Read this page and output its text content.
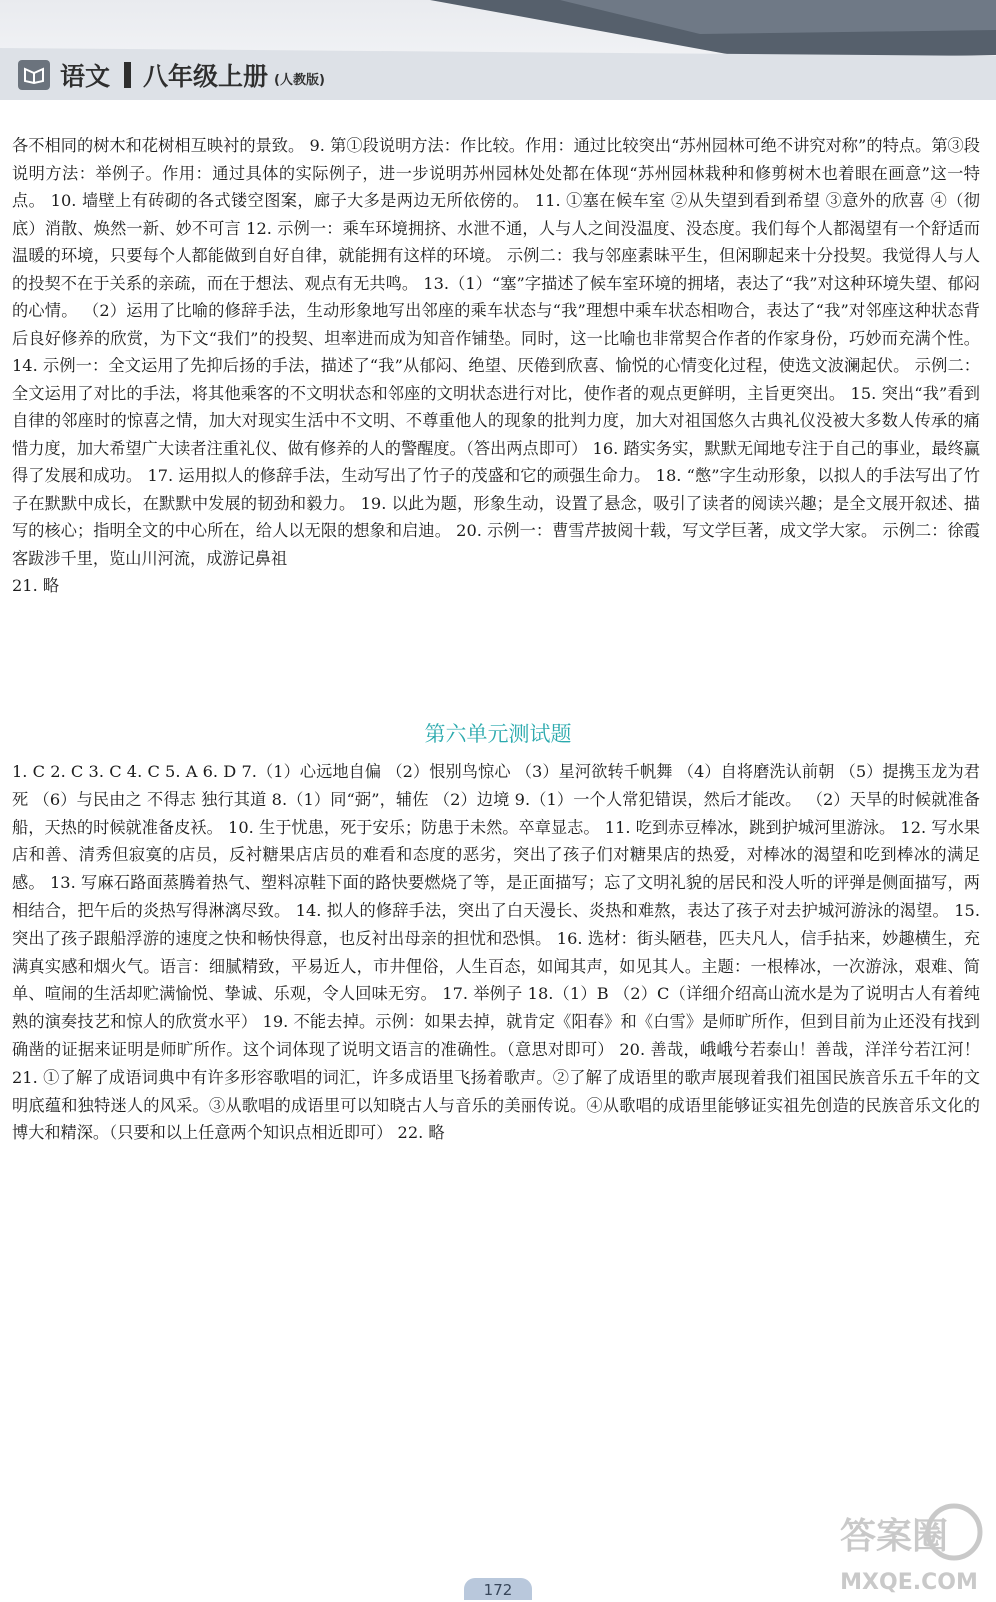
语文 八年级上册 (人教版)

各不相同的树木和花树相互映衬的景致。 9. 第①段说明方法：作比较。作用：通过比较突出“苏州园林可绝不讲究对称”的特点。第③段说明方法：举例子。作用：通过具体的实际例子，进一步说明苏州园林处处都在体现“苏州园林栽种和修剪树木也着眼在画意”这一特点。 10. 墙壁上有砖砌的各式镂空图案，廊子大多是两边无所依傍的。 11. ①塞在候车室 ②从失望到看到希望 ③意外的欣喜 ④（彻底）消散、焕然一新、妙不可言 12. 示例一：乘车环境拥挤、水泄不通，人与人之间没温度、没态度。我们每个人都渴望有一个舒适而温暖的环境，只要每个人都能做到自好自律，就能拥有这样的环境。 示例二：我与邻座素昧平生，但闲聊起来十分投契。我觉得人与人的投契不在于关系的亲疏，而在于想法、观点有无共鸣。 13.（1）“塞”字描述了候车室环境的拥堵，表达了“我”对这种环境失望、郁闷的心情。 （2）运用了比喻的修辞手法，生动形象地写出邻座的乘车状态与“我”理想中乘车状态相吻合，表达了“我”对邻座这种状态背后良好修养的欣赏，为下文“我们”的投契、坦率进而成为知音作铺垫。同时，这一比喻也非常契合作者的作家身份，巧妙而充满个性。 14. 示例一：全文运用了先抑后扬的手法，描述了“我”从郁闷、绝望、厌倦到欣喜、愉悦的心情变化过程，使选文波澜起伏。 示例二：全文运用了对比的手法，将其他乘客的不文明状态和邻座的文明状态进行对比，使作者的观点更鲜明，主旨更突出。 15. 突出“我”看到自律的邻座时的惊喜之情，加大对现实生活中不文明、不尊重他人的现象的批判力度，加大对祖国悠久古典礼仪没被大多数人传承的痛惜力度，加大希望广大读者注重礼仪、做有修养的人的警醒度。（答出两点即可） 16. 踏实务实，默默无闻地专注于自己的事业，最终赢得了发展和成功。 17. 运用拟人的修辞手法，生动写出了竹子的茂盛和它的顽强生命力。 18. “憋”字生动形象，以拟人的手法写出了竹子在默默中成长，在默默中发展的韧劲和毅力。 19. 以此为题，形象生动，设置了悬念，吸引了读者的阅读兴趣；是全文展开叙述、描写的核心；指明全文的中心所在，给人以无限的想象和启迪。 20. 示例一：曹雪芹披阅十载，写文学巨著，成文学大家。 示例二：徐霞客跋涉千里，览山川河流，成游记鼻祖

21. 略

第六单元测试题

1. C 2. C 3. C 4. C 5. A 6. D 7.（1）心远地自偏 （2）恨别鸟惊心 （3）星河欲转千帆舞 （4）自将磨洗认前朝 （5）提携玉龙为君死 （6）与民由之 不得志 独行其道 8.（1）同“弼”，辅佐 （2）边境 9.（1）一个人常犯错误，然后才能改。 （2）天旱的时候就准备船，天热的时候就准备皮袄。 10. 生于忧患，死于安乐；防患于未然。卒章显志。 11. 吃到赤豆棒冰，跳到护城河里游泳。 12. 写水果店和善、清秀但寂寞的店员，反衬糖果店店员的难看和态度的恶劣，突出了孩子们对糖果店的热爱，对棒冰的渴望和吃到棒冰的满足感。 13. 写麻石路面蒸腾着热气、塑料凉鞋下面的路快要燃烧了等，是正面描写；忘了文明礼貌的居民和没人听的评弹是侧面描写，两相结合，把午后的炎热写得淋漓尽致。 14. 拟人的修辞手法，突出了白天漫长、炎热和难熬，表达了孩子对去护城河游泳的渴望。 15. 突出了孩子跟船浮游的速度之快和畅快得意，也反衬出母亲的担忧和恐惧。 16. 选材：街头陋巷，匹夫凡人，信手拈来，妙趣横生，充满真实感和烟火气。语言：细腻精致，平易近人，市井俚俗，人生百态，如闻其声，如见其人。主题：一根棒冰，一次游泳，艰难、简单、喧闹的生活却贮满愉悦、挚诚、乐观，令人回味无穷。 17. 举例子 18.（1）B （2）C（详细介绍高山流水是为了说明古人有着纯熟的演奏技艺和惊人的欣赏水平） 19. 不能去掉。示例：如果去掉，就肯定《阳春》和《白雪》是师旷所作，但到目前为止还没有找到确凿的证据来证明是师旷所作。这个词体现了说明文语言的准确性。（意思对即可） 20. 善哉，峨峨兮若泰山！善哉，洋洋兮若江河！ 21. ①了解了成语词典中有许多形容歌唱的词汇，许多成语里飞扬着歌声。②了解了成语里的歌声展现着我们祖国民族音乐五千年的文明底蕴和独特迷人的风采。③从歌唱的成语里可以知晓古人与音乐的美丽传说。④从歌唱的成语里能够证实祖先创造的民族音乐文化的博大和精深。（只要和以上任意两个知识点相近即可） 22. 略

答案圈
MXQE.COM
172
